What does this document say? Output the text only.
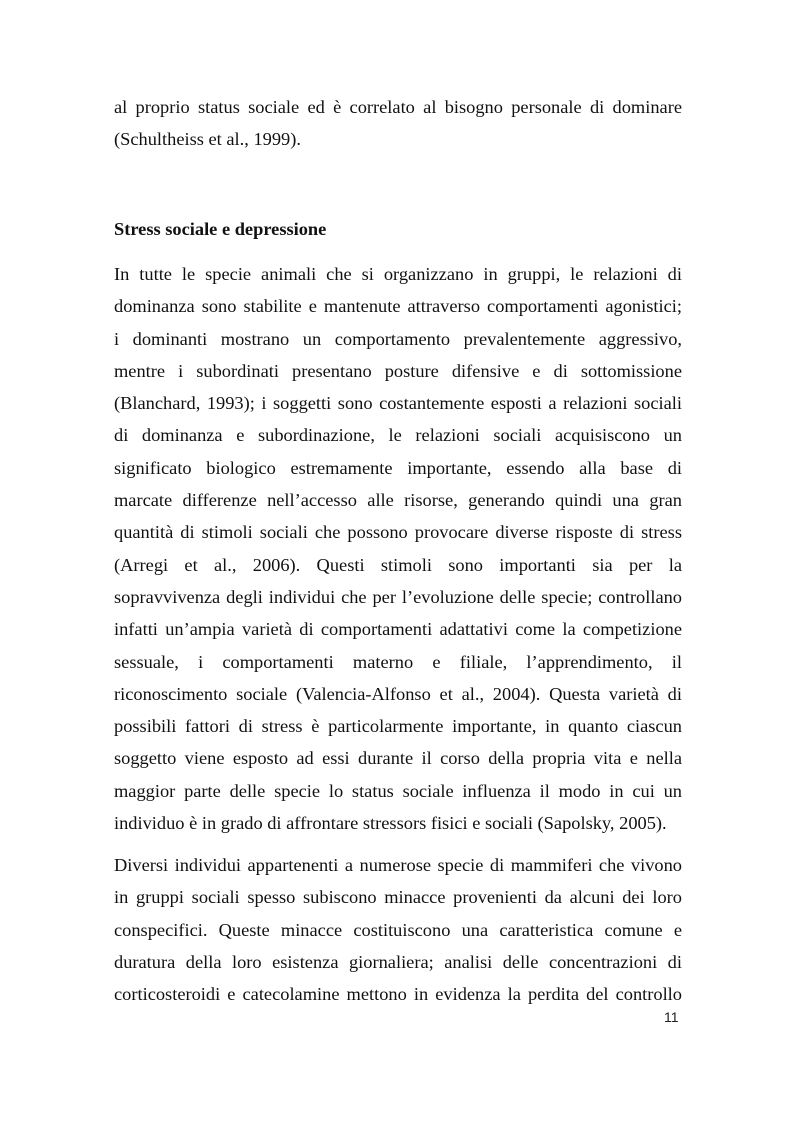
al proprio status sociale ed è correlato al bisogno personale di dominare
(Schultheiss et al., 1999).

Stress sociale e depressione

In tutte le specie animali che si organizzano in gruppi, le relazioni di
dominanza sono stabilite e mantenute attraverso comportamenti agonistici;
i dominanti mostrano un comportamento prevalentemente aggressivo,
mentre i subordinati presentano posture difensive e di sottomissione
(Blanchard, 1993); i soggetti sono costantemente esposti a relazioni sociali
di dominanza e subordinazione, le relazioni sociali acquisiscono un
significato biologico estremamente importante, essendo alla base di
marcate differenze nell’accesso alle risorse, generando quindi una gran
quantità di stimoli sociali che possono provocare diverse risposte di stress
(Arregi et al., 2006). Questi stimoli sono importanti sia per la
sopravvivenza degli individui che per l’evoluzione delle specie; controllano
infatti un’ampia varietà di comportamenti adattativi come la competizione
sessuale, i comportamenti materno e filiale, l’apprendimento, il
riconoscimento sociale (Valencia-Alfonso et al., 2004). Questa varietà di
possibili fattori di stress è particolarmente importante, in quanto ciascun
soggetto viene esposto ad essi durante il corso della propria vita e nella
maggior parte delle specie lo status sociale influenza il modo in cui un
individuo è in grado di affrontare stressors fisici e sociali (Sapolsky, 2005).

Diversi individui appartenenti a numerose specie di mammiferi che vivono
in gruppi sociali spesso subiscono minacce provenienti da alcuni dei loro
conspecifici. Queste minacce costituiscono una caratteristica comune e
duratura della loro esistenza giornaliera; analisi delle concentrazioni di
corticosteroidi e catecolamine mettono in evidenza la perdita del controllo

11
